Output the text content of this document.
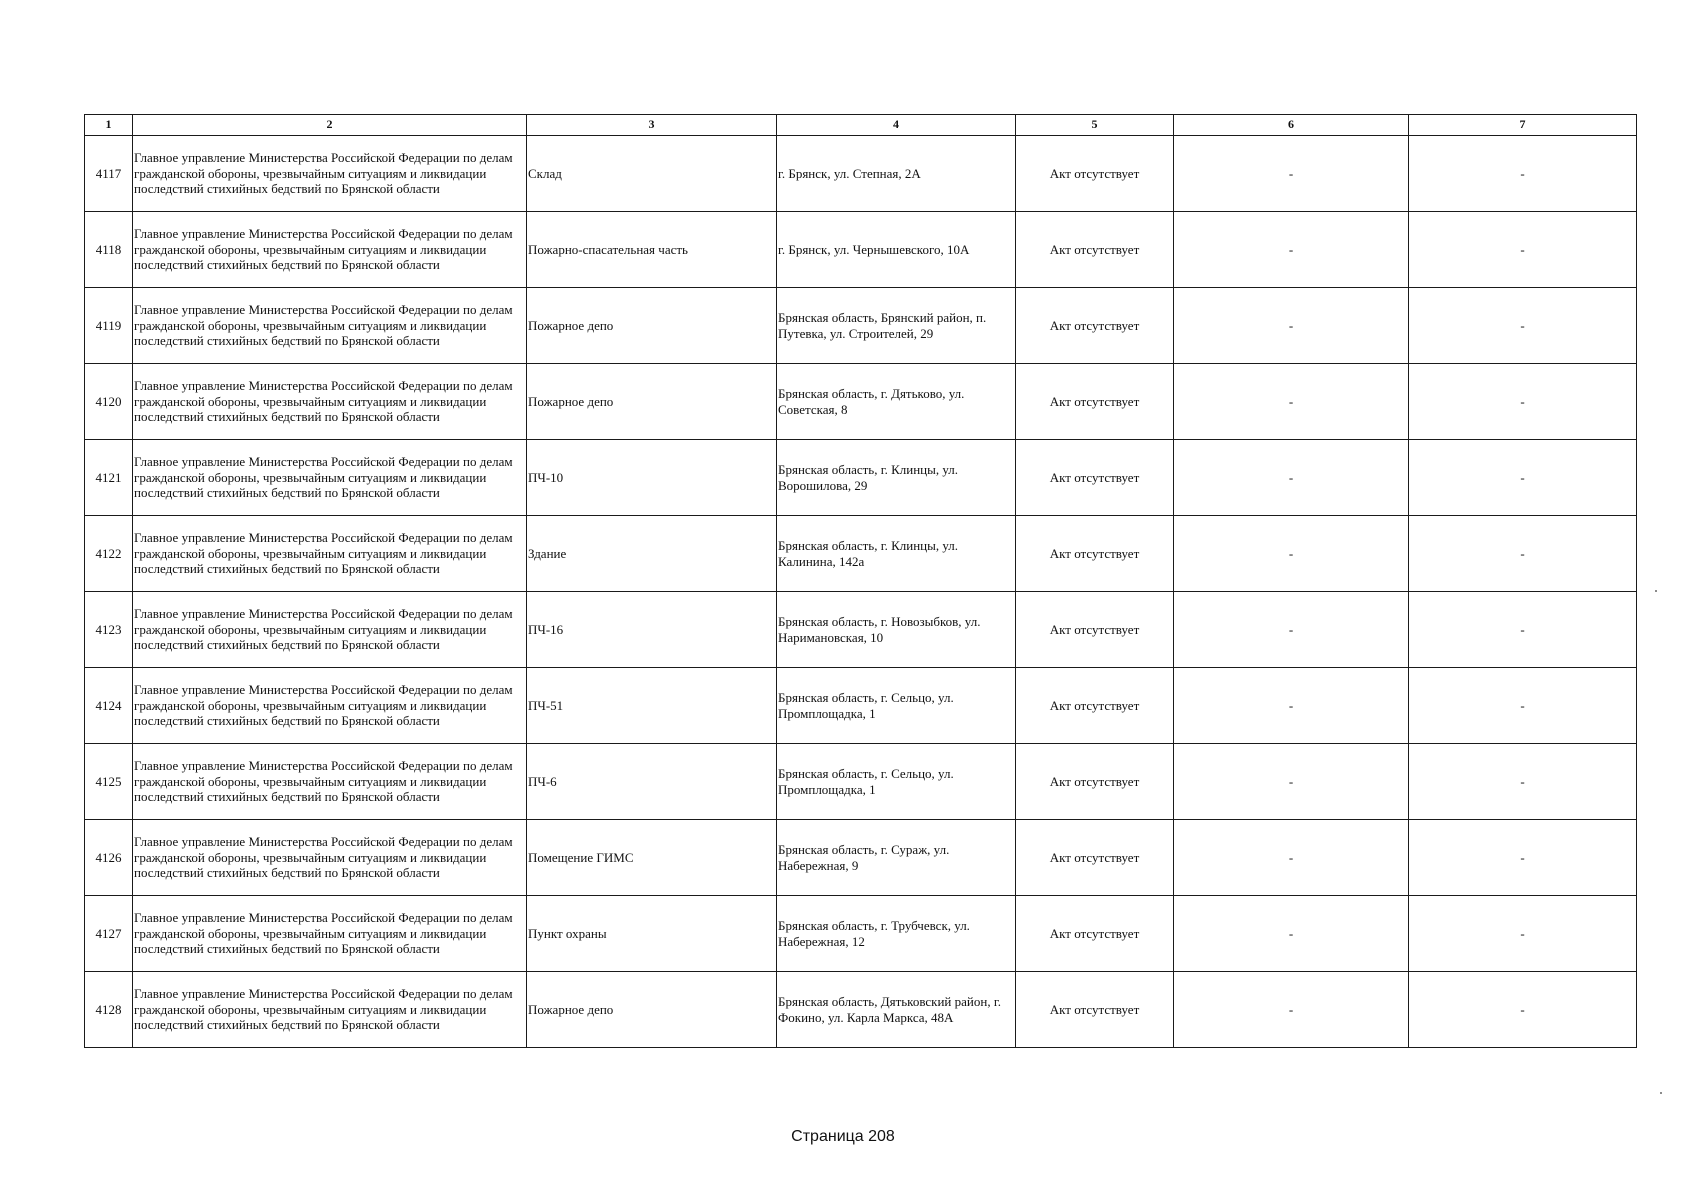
1	2	3	4	5	6	7
4117	Главное управление Министерства Российской Федерации по делам гражданской обороны, чрезвычайным ситуациям и ликвидации последствий стихийных бедствий по Брянской области	Склад	г. Брянск, ул. Степная, 2А	Акт отсутствует	-	-
4118	Главное управление Министерства Российской Федерации по делам гражданской обороны, чрезвычайным ситуациям и ликвидации последствий стихийных бедствий по Брянской области	Пожарно-спасательная часть	г. Брянск, ул. Чернышевского, 10А	Акт отсутствует	-	-
4119	Главное управление Министерства Российской Федерации по делам гражданской обороны, чрезвычайным ситуациям и ликвидации последствий стихийных бедствий по Брянской области	Пожарное депо	Брянская область, Брянский район, п. Путевка, ул. Строителей, 29	Акт отсутствует	-	-
4120	Главное управление Министерства Российской Федерации по делам гражданской обороны, чрезвычайным ситуациям и ликвидации последствий стихийных бедствий по Брянской области	Пожарное депо	Брянская область, г. Дятьково, ул. Советская, 8	Акт отсутствует	-	-
4121	Главное управление Министерства Российской Федерации по делам гражданской обороны, чрезвычайным ситуациям и ликвидации последствий стихийных бедствий по Брянской области	ПЧ-10	Брянская область, г. Клинцы, ул. Ворошилова, 29	Акт отсутствует	-	-
4122	Главное управление Министерства Российской Федерации по делам гражданской обороны, чрезвычайным ситуациям и ликвидации последствий стихийных бедствий по Брянской области	Здание	Брянская область, г. Клинцы, ул. Калинина, 142а	Акт отсутствует	-	-
4123	Главное управление Министерства Российской Федерации по делам гражданской обороны, чрезвычайным ситуациям и ликвидации последствий стихийных бедствий по Брянской области	ПЧ-16	Брянская область, г. Новозыбков, ул. Наримановская, 10	Акт отсутствует	-	-
4124	Главное управление Министерства Российской Федерации по делам гражданской обороны, чрезвычайным ситуациям и ликвидации последствий стихийных бедствий по Брянской области	ПЧ-51	Брянская область, г. Сельцо, ул. Промплощадка, 1	Акт отсутствует	-	-
4125	Главное управление Министерства Российской Федерации по делам гражданской обороны, чрезвычайным ситуациям и ликвидации последствий стихийных бедствий по Брянской области	ПЧ-6	Брянская область, г. Сельцо, ул. Промплощадка, 1	Акт отсутствует	-	-
4126	Главное управление Министерства Российской Федерации по делам гражданской обороны, чрезвычайным ситуациям и ликвидации последствий стихийных бедствий по Брянской области	Помещение ГИМС	Брянская область, г. Сураж, ул. Набережная, 9	Акт отсутствует	-	-
4127	Главное управление Министерства Российской Федерации по делам гражданской обороны, чрезвычайным ситуациям и ликвидации последствий стихийных бедствий по Брянской области	Пункт охраны	Брянская область, г. Трубчевск, ул. Набережная, 12	Акт отсутствует	-	-
4128	Главное управление Министерства Российской Федерации по делам гражданской обороны, чрезвычайным ситуациям и ликвидации последствий стихийных бедствий по Брянской области	Пожарное депо	Брянская область, Дятьковский район, г. Фокино, ул. Карла Маркса, 48А	Акт отсутствует	-	-
Страница 208
